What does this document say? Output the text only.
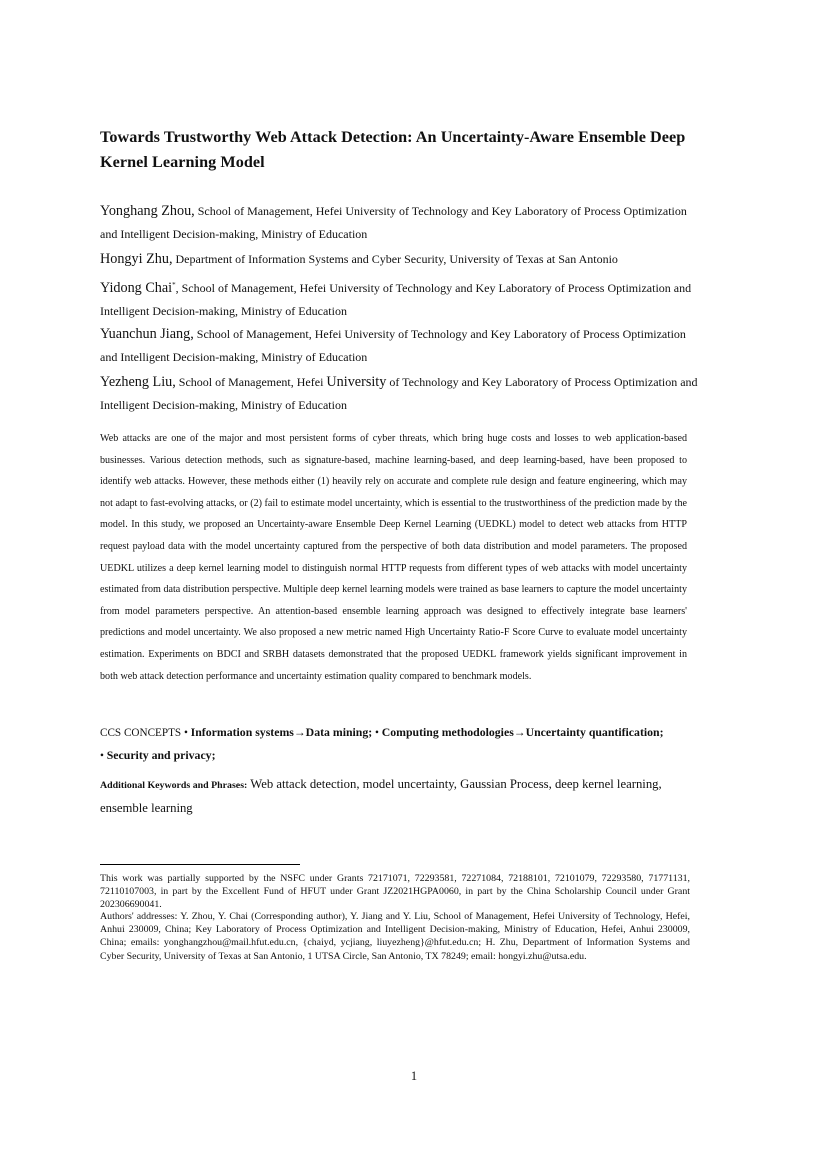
Towards Trustworthy Web Attack Detection: An Uncertainty-Aware Ensemble Deep Kernel Learning Model
Yonghang Zhou, School of Management, Hefei University of Technology and Key Laboratory of Process Optimization and Intelligent Decision-making, Ministry of Education
Hongyi Zhu, Department of Information Systems and Cyber Security, University of Texas at San Antonio
Yidong Chai*, School of Management, Hefei University of Technology and Key Laboratory of Process Optimization and Intelligent Decision-making, Ministry of Education
Yuanchun Jiang, School of Management, Hefei University of Technology and Key Laboratory of Process Optimization and Intelligent Decision-making, Ministry of Education
Yezheng Liu, School of Management, Hefei University of Technology and Key Laboratory of Process Optimization and Intelligent Decision-making, Ministry of Education

Web attacks are one of the major and most persistent forms of cyber threats, which bring huge costs and losses to web application-based businesses. Various detection methods, such as signature-based, machine learning-based, and deep learning-based, have been proposed to identify web attacks. However, these methods either (1) heavily rely on accurate and complete rule design and feature engineering, which may not adapt to fast-evolving attacks, or (2) fail to estimate model uncertainty, which is essential to the trustworthiness of the prediction made by the model. In this study, we proposed an Uncertainty-aware Ensemble Deep Kernel Learning (UEDKL) model to detect web attacks from HTTP request payload data with the model uncertainty captured from the perspective of both data distribution and model parameters. The proposed UEDKL utilizes a deep kernel learning model to distinguish normal HTTP requests from different types of web attacks with model uncertainty estimated from data distribution perspective. Multiple deep kernel learning models were trained as base learners to capture the model uncertainty from model parameters perspective. An attention-based ensemble learning approach was designed to effectively integrate base learners' predictions and model uncertainty. We also proposed a new metric named High Uncertainty Ratio-F Score Curve to evaluate model uncertainty estimation. Experiments on BDCI and SRBH datasets demonstrated that the proposed UEDKL framework yields significant improvement in both web attack detection performance and uncertainty estimation quality compared to benchmark models.

CCS CONCEPTS • Information systems→Data mining; • Computing methodologies→Uncertainty quantification;
• Security and privacy;
Additional Keywords and Phrases: Web attack detection, model uncertainty, Gaussian Process, deep kernel learning, ensemble learning

This work was partially supported by the NSFC under Grants 72171071, 72293581, 72271084, 72188101, 72101079, 72293580, 71771131, 72110107003, in part by the Excellent Fund of HFUT under Grant JZ2021HGPA0060, in part by the China Scholarship Council under Grant 202306690041.

Authors' addresses: Y. Zhou, Y. Chai (Corresponding author), Y. Jiang and Y. Liu, School of Management, Hefei University of Technology, Hefei, Anhui 230009, China; Key Laboratory of Process Optimization and Intelligent Decision-making, Ministry of Education, Hefei, Anhui 230009, China; emails: yonghangzhou@mail.hfut.edu.cn, {chaiyd, ycjiang, liuyezheng}@hfut.edu.cn; H. Zhu, Department of Information Systems and Cyber Security, University of Texas at San Antonio, 1 UTSA Circle, San Antonio, TX 78249; email: hongyi.zhu@utsa.edu.

1
